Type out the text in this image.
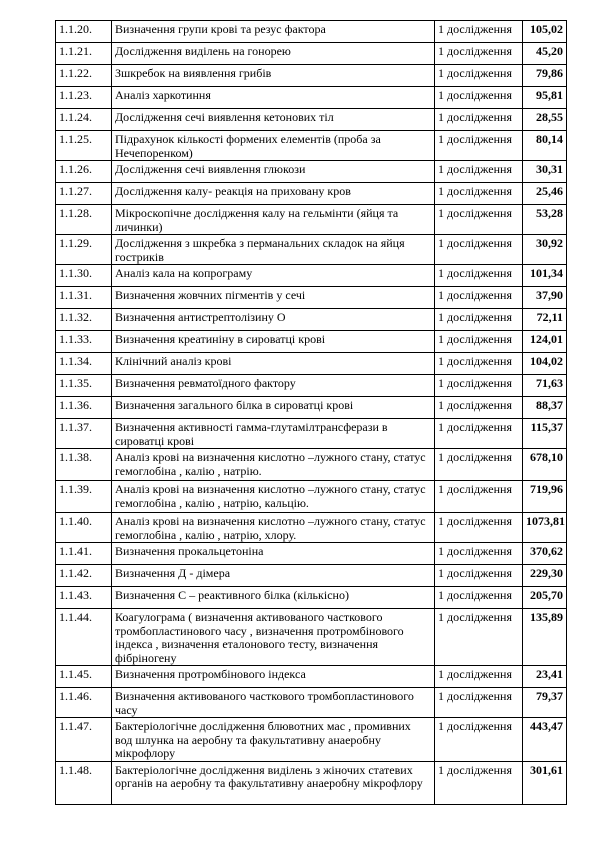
1.1.20.	Визначення групи крові та резус фактора	1 дослідження	105,02
1.1.21.	Дослідження виділень на гонорею	1 дослідження	45,20
1.1.22.	Зшкребок на виявлення грибів	1 дослідження	79,86
1.1.23.	Аналіз харкотиння	1 дослідження	95,81
1.1.24.	Дослідження сечі виявлення кетонових тіл	1 дослідження	28,55
1.1.25.	Підрахунок кількості формених елементів (проба за Нечепоренком)	1 дослідження	80,14
1.1.26.	Дослідження сечі виявлення глюкози	1 дослідження	30,31
1.1.27.	Дослідження калу- реакція на приховану кров	1 дослідження	25,46
1.1.28.	Мікроскопічне дослідження калу на гельмінти (яйця та личинки)	1 дослідження	53,28
1.1.29.	Дослідження з шкребка з перманальних складок на яйця гостриків	1 дослідження	30,92
1.1.30.	Аналіз кала на копрограму	1 дослідження	101,34
1.1.31.	Визначення жовчних пігментів у сечі	1 дослідження	37,90
1.1.32.	Визначення антистрептолізину О	1 дослідження	72,11
1.1.33.	Визначення креатиніну в сироватці крові	1 дослідження	124,01
1.1.34.	Клінічний аналіз крові	1 дослідження	104,02
1.1.35.	Визначення ревматоїдного фактору	1 дослідження	71,63
1.1.36.	Визначення загального білка в сироватці крові	1 дослідження	88,37
1.1.37.	Визначення активності гамма-глутамілтрансферази в сироватці крові	1 дослідження	115,37
1.1.38.	Аналіз крові на визначення кислотно –лужного стану, статус гемоглобіна , калію , натрію.	1 дослідження	678,10
1.1.39.	Аналіз крові на визначення кислотно –лужного стану, статус гемоглобіна , калію , натрію, кальцію.	1 дослідження	719,96
1.1.40.	Аналіз крові на визначення кислотно –лужного стану, статус гемоглобіна , калію , натрію, хлору.	1 дослідження	1073,81
1.1.41.	Визначення прокальцетоніна	1 дослідження	370,62
1.1.42.	Визначення Д - дімера	1 дослідження	229,30
1.1.43.	Визначення С – реактивного білка (кількісно)	1 дослідження	205,70
1.1.44.	Коагулограма ( визначення активованого часткового тромбопластинового часу , визначення протромбінового індекса , визначення еталонового тесту, визначення фібріногену	1 дослідження	135,89
1.1.45.	Визначення протромбінового індекса	1 дослідження	23,41
1.1.46.	Визначення активованого часткового тромбопластинового часу	1 дослідження	79,37
1.1.47.	Бактеріологічне дослідження блювотних мас , промивних вод шлунка на аеробну та факультативну анаеробну мікрофлору	1 дослідження	443,47
1.1.48.	Бактеріологічне дослідження виділень з жіночих статевих органів на аеробну та факультативну анаеробну мікрофлору	1 дослідження	301,61
